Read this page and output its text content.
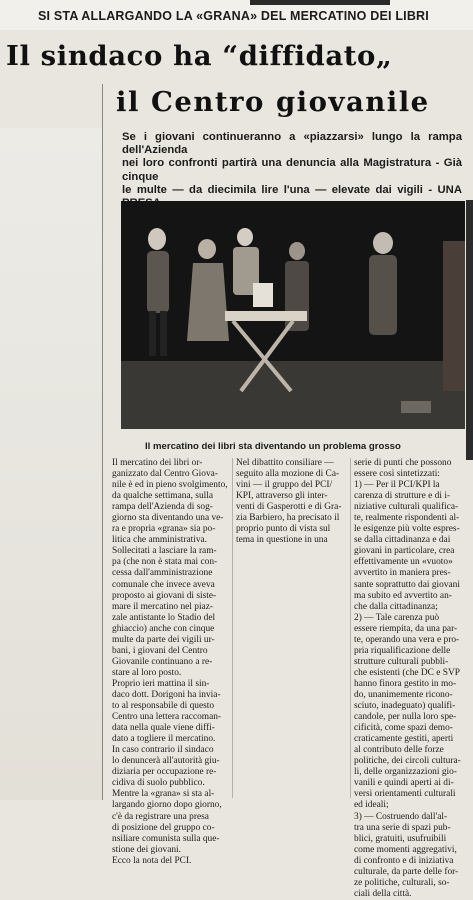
SI STA ALLARGANDO LA «GRANA» DEL MERCATINO DEI LIBRI
Il sindaco ha “diffidato„
il Centro giovanile
Se i giovani continueranno a «piazzarsi» lungo la rampa dell'Azienda
nei loro confronti partirà una denuncia alla Magistratura - Già cinque
le multe — da diecimila lire l'una — elevate dai vigili - UNA
Il mercatino dei libri sta diventando un problema grosso
Il mercatino dei libri or-
ganizzato dal Centro Giova-
nile è ed in pieno svolgimento,
da qualche settimana, sulla
rampa dell'Azienda di sog-
giorno sta diventando una ve-
ra e propria «grana» sia po-
litica che amministrativa.
Sollecitati a lasciare la ram-
pa (che non è stata mai con-
cessa dall'amministrazione
comunale che invece aveva
proposto ai giovani di siste-
mare il mercatino nel piaz-
zale antistante lo Stadio del
ghiaccio) anche con cinque
multe da parte dei vigili ur-
bani, i giovani del Centro
Giovanile continuano a re-
stare al loro posto.
Proprio ieri mattina il sin-
daco dott. Dorigoni ha invia-
to al responsabile di questo
Centro una lettera raccoman-
data nella quale viene diffi-
dato a togliere il mercatino.
In caso contrario il sindaco
lo denuncerà all'autorità giu-
diziaria per occupazione re-
cidiva di suolo pubblico.
Mentre la «grana» si sta al-
largando giorno dopo giorno,
c'è da registrare una presa
di posizione del gruppo co-
nsiliare comunista sulla que-
stione dei giovani.
Ecco la nota del PCI.
Nel dibattito consiliare —
seguito alla mozione di Ca-
vini — il gruppo del PCI/
KPI, attraverso gli inter-
venti di Gasperotti e di Gra-
zia Barbiero, ha precisato il
proprio punto di vista sul
tema in questione in una
serie di punti che possono
essere così sintetizzati:
1) — Per il PCI/KPI la
carenza di strutture e di i-
niziative culturali qualifica-
te, realmente rispondenti al-
le esigenze più volte espres-
se dalla cittadinanza e dai
giovani in particolare, crea
effettivamente un «vuoto»
avvertito in maniera pres-
sante soprattutto dai giovani
ma subito ed avvertito an-
che dalla cittadinanza;
2) — Tale carenza può
essere riempita, da una par-
te, operando una vera e pro-
pria riqualificazione delle
strutture culturali pubbli-
che esistenti (che DC e SVP
hanno finora gestito in mo-
do, unanimemente ricono-
sciuto, inadeguato) qualifi-
candole, per nulla loro spe-
cificità, come spazi demo-
craticamente gestiti, aperti
al contributo delle forze
politiche, dei circoli cultura-
li, delle organizzazioni gio-
vanili e quindi aperti ai di-
versi orientamenti culturali
ed ideali;
3) — Costruendo dall'al-
tra una serie di spazi pub-
blici, gratuiti, usufruibili
come momenti aggregativi,
di confronto e di iniziativa
culturale, da parte delle for-
ze politiche, culturali, so-
ciali della città.
